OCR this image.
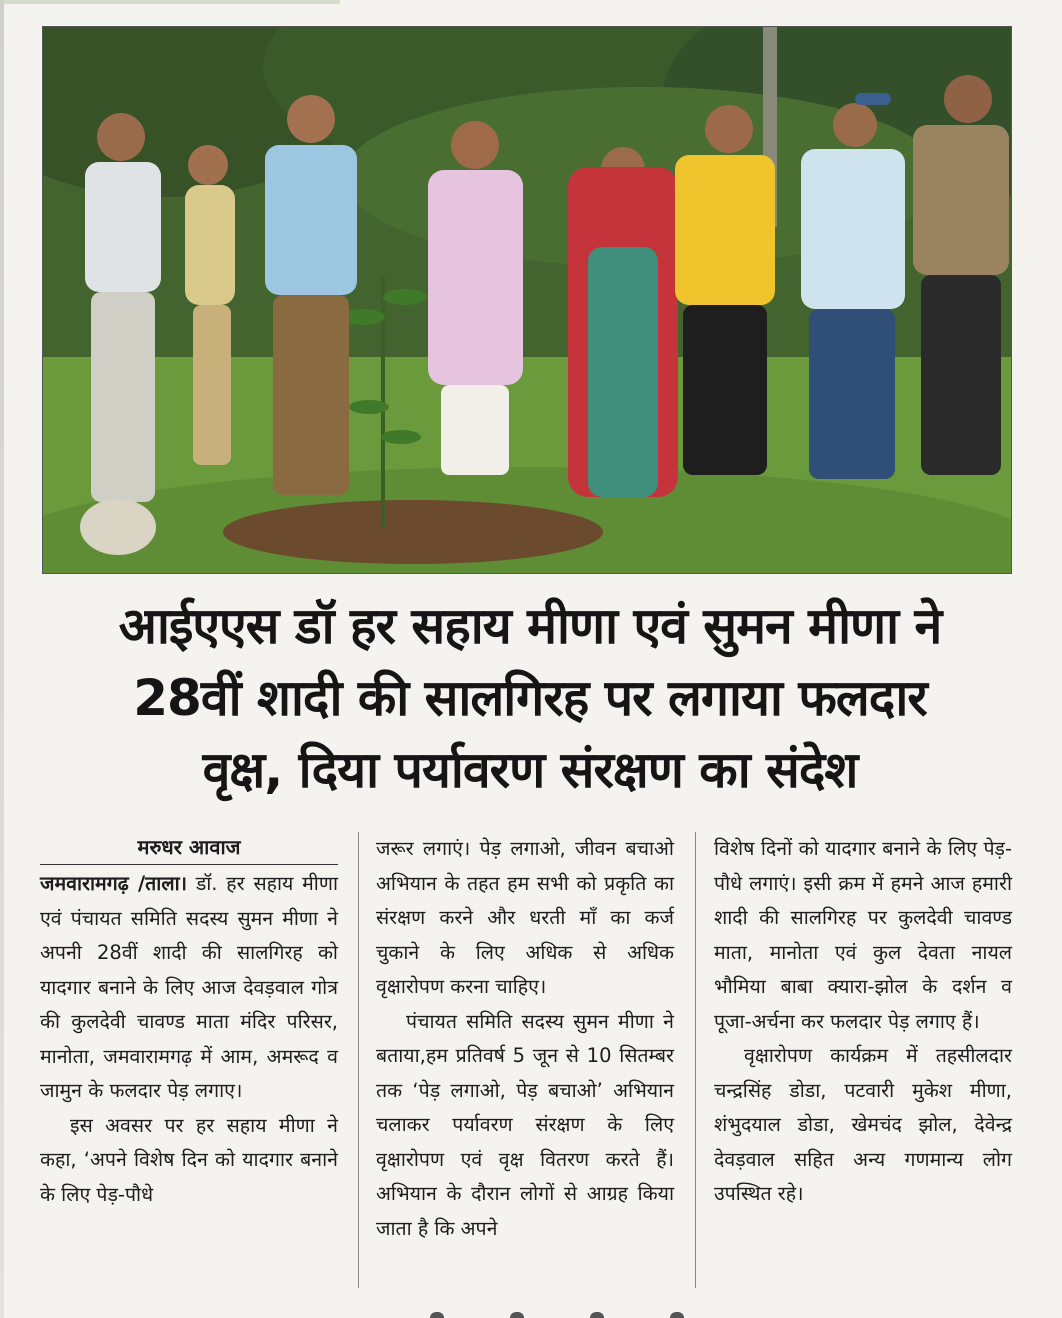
आईएएस डॉ हर सहाय मीणा एवं सुमन मीणा ने
28वीं शादी की सालगिरह पर लगाया फलदार
वृक्ष, दिया पर्यावरण संरक्षण का संदेश
मरुधर आवाज

जमवारामगढ़ /ताला। डॉ. हर सहाय मीणा एवं पंचायत समिति सदस्य सुमन मीणा ने अपनी 28वीं शादी की सालगिरह को यादगार बनाने के लिए आज देवड़वाल गोत्र की कुलदेवी चावण्ड माता मंदिर परिसर, मानोता, जमवारामगढ़ में आम, अमरूद व जामुन के फलदार पेड़ लगाए।

इस अवसर पर हर सहाय मीणा ने कहा, ‘अपने विशेष दिन को यादगार बनाने के लिए पेड़-पौधे

जरूर लगाएं। पेड़ लगाओ, जीवन बचाओ अभियान के तहत हम सभी को प्रकृति का संरक्षण करने और धरती माँ का कर्ज चुकाने के लिए अधिक से अधिक वृक्षारोपण करना चाहिए।

पंचायत समिति सदस्य सुमन मीणा ने बताया,हम प्रतिवर्ष 5 जून से 10 सितम्बर तक ‘पेड़ लगाओ, पेड़ बचाओ’ अभियान चलाकर पर्यावरण संरक्षण के लिए वृक्षारोपण एवं वृक्ष वितरण करते हैं। अभियान के दौरान लोगों से आग्रह किया जाता है कि अपने

विशेष दिनों को यादगार बनाने के लिए पेड़-पौधे लगाएं। इसी क्रम में हमने आज हमारी शादी की सालगिरह पर कुलदेवी चावण्ड माता, मानोता एवं कुल देवता नायल भौमिया बाबा क्यारा-झोल के दर्शन व पूजा-अर्चना कर फलदार पेड़ लगाए हैं।

वृक्षारोपण कार्यक्रम में तहसीलदार चन्द्रसिंह डोडा, पटवारी मुकेश मीणा, शंभुदयाल डोडा, खेमचंद झोल, देवेन्द्र देवड़वाल सहित अन्य गणमान्य लोग उपस्थित रहे।
